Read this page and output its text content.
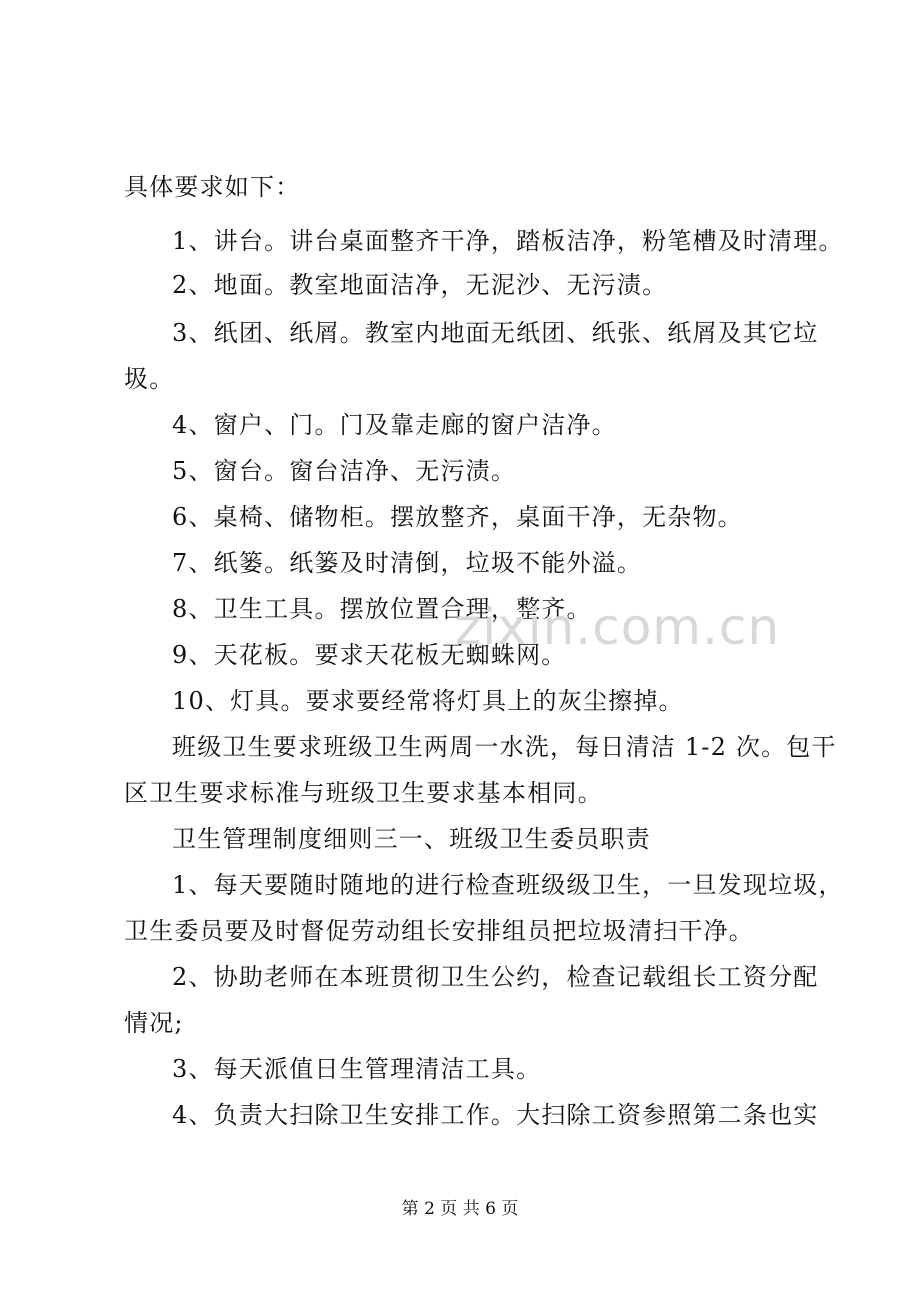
具体要求如下：
1、讲台。讲台桌面整齐干净，踏板洁净，粉笔槽及时清理。
2、地面。教室地面洁净，无泥沙、无污渍。
3、纸团、纸屑。教室内地面无纸团、纸张、纸屑及其它垃
圾。
4、窗户、门。门及靠走廊的窗户洁净。
5、窗台。窗台洁净、无污渍。
6、桌椅、储物柜。摆放整齐，桌面干净，无杂物。
7、纸篓。纸篓及时清倒，垃圾不能外溢。
8、卫生工具。摆放位置合理，整齐。
9、天花板。要求天花板无蜘蛛网。
10、灯具。要求要经常将灯具上的灰尘擦掉。
班级卫生要求班级卫生两周一水洗，每日清洁 1-2 次。包干
区卫生要求标准与班级卫生要求基本相同。
卫生管理制度细则三一、班级卫生委员职责
1、每天要随时随地的进行检查班级级卫生，一旦发现垃圾，
卫生委员要及时督促劳动组长安排组员把垃圾清扫干净。
2、协助老师在本班贯彻卫生公约，检查记载组长工资分配
情况;
3、每天派值日生管理清洁工具。
4、负责大扫除卫生安排工作。大扫除工资参照第二条也实
zixin.com.cn
第 2 页 共 6 页
